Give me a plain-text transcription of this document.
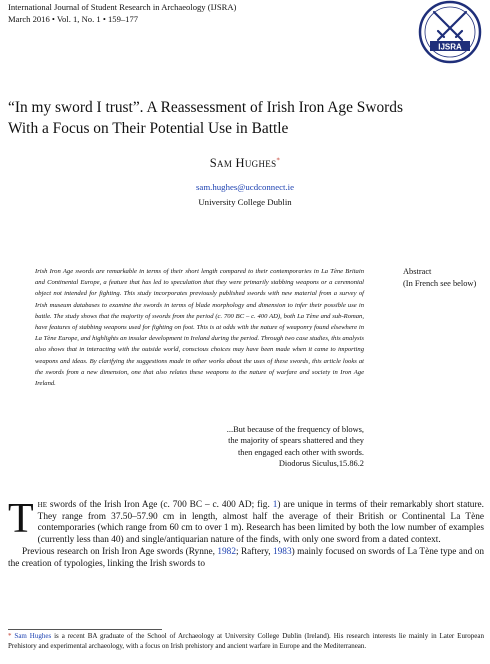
International Journal of Student Research in Archaeology (IJSRA)
March 2016 • Vol. 1, No. 1 • 159–177
IJSRA
“In my sword I trust”. A Reassessment of Irish Iron Age Swords With a Focus on Their Potential Use in Battle
Sam Hughes*
sam.hughes@ucdconnect.ie
University College Dublin
Irish Iron Age swords are remarkable in terms of their short length compared to their contemporaries in La Tène Britain and Continental Europe, a feature that has led to speculation that they were primarily stabbing weapons or a ceremonial object not intended for fighting. This study incorporates previously published swords with new material from a survey of Irish museum databases to examine the swords in terms of blade morphology and dimension to infer their possible use in battle. The study shows that the majority of swords from the period (c. 700 BC – c. 400 AD), both La Tène and sub-Roman, have features of stabbing weapons used for fighting on foot. This is at odds with the nature of weaponry found elsewhere in La Tène Europe, and highlights an insular development in Ireland during the period. Through two case studies, this analysis also shows that in interacting with the outside world, conscious choices may have been made when it came to importing weapons and ideas. By clarifying the suggestions made in other works about the uses of these swords, this article looks at the swords from a new dimension, one that also relates these weapons to the nature of warfare and society in Iron Age Ireland.
Abstract
(In French see below)
...But because of the frequency of blows,
the majority of spears shattered and they
then engaged each other with swords.
Diodorus Siculus,15.86.2

The swords of the Irish Iron Age (c. 700 BC – c. 400 AD; fig. 1) are unique in terms of their remarkably short stature. They range from 37.50–57.90 cm in length, almost half the average of their British or Continental La Tène contemporaries (which range from 60 cm to over 1 m). Research has been limited by both the low number of examples (currently less than 40) and single/antiquarian nature of the finds, with only one sword from a dated context.

Previous research on Irish Iron Age swords (Rynne, 1982; Raftery, 1983) mainly focused on swords of La Tène type and on the creation of typologies, linking the Irish swords to

* Sam Hughes is a recent BA graduate of the School of Archaeology at University College Dublin (Ireland). His research interests lie mainly in Later European Prehistory and experimental archaeology, with a focus on Irish prehistory and ancient warfare in Europe and the Mediterranean.
